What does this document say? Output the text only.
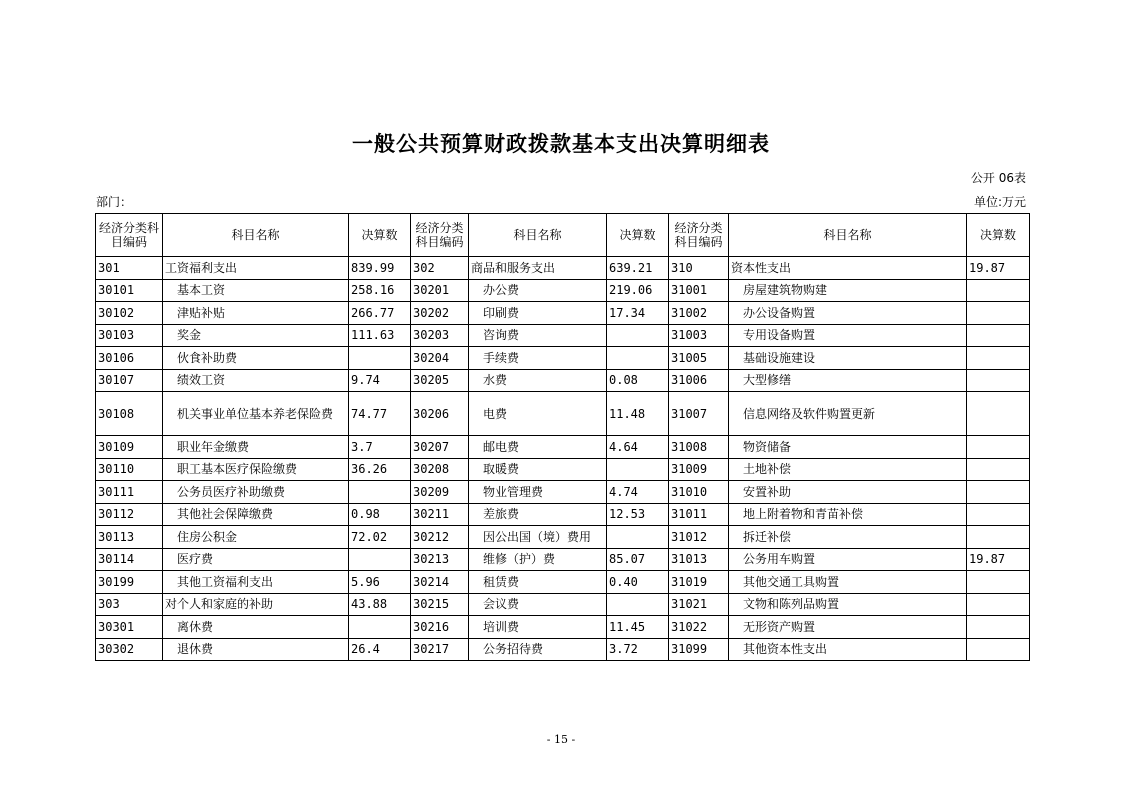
一般公共预算财政拨款基本支出决算明细表
公开 06表
部门：	单位:万元
经济分类科目编码	科目名称	决算数	经济分类科目编码	科目名称	决算数	经济分类科目编码	科目名称	决算数
301	工资福利支出	839.99	302	商品和服务支出	639.21	310	资本性支出	19.87
30101	基本工资	258.16	30201	办公费	219.06	31001	房屋建筑物购建	
30102	津贴补贴	266.77	30202	印刷费	17.34	31002	办公设备购置	
30103	奖金	111.63	30203	咨询费		31003	专用设备购置	
30106	伙食补助费		30204	手续费		31005	基础设施建设	
30107	绩效工资	9.74	30205	水费	0.08	31006	大型修缮	
30108	机关事业单位基本养老保险费	74.77	30206	电费	11.48	31007	信息网络及软件购置更新	
30109	职业年金缴费	3.7	30207	邮电费	4.64	31008	物资储备	
30110	职工基本医疗保险缴费	36.26	30208	取暖费		31009	土地补偿	
30111	公务员医疗补助缴费		30209	物业管理费	4.74	31010	安置补助	
30112	其他社会保障缴费	0.98	30211	差旅费	12.53	31011	地上附着物和青苗补偿	
30113	住房公积金	72.02	30212	因公出国（境）费用		31012	拆迁补偿	
30114	医疗费		30213	维修（护）费	85.07	31013	公务用车购置	19.87
30199	其他工资福利支出	5.96	30214	租赁费	0.40	31019	其他交通工具购置	
303	对个人和家庭的补助	43.88	30215	会议费		31021	文物和陈列品购置	
30301	离休费		30216	培训费	11.45	31022	无形资产购置	
30302	退休费	26.4	30217	公务招待费	3.72	31099	其他资本性支出	
- 15 -
